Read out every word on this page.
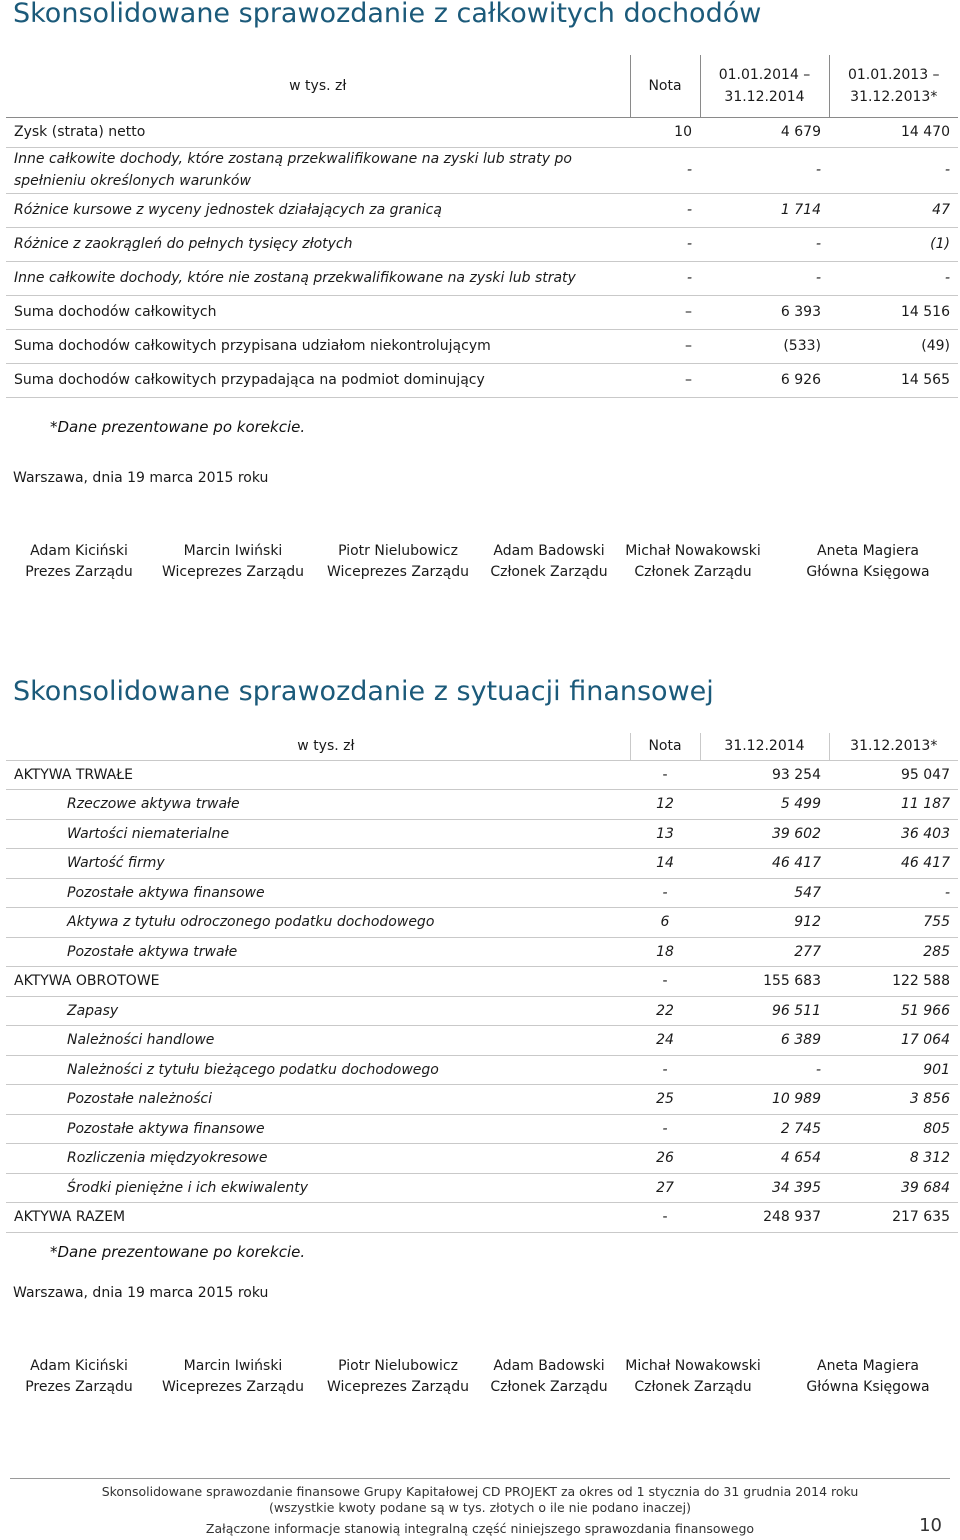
Skonsolidowane sprawozdanie z całkowitych dochodów
w tys. zł	Nota	01.01.2014 – 31.12.2014	01.01.2013 – 31.12.2013*
Zysk (strata) netto	10	4 679	14 470
Inne całkowite dochody, które zostaną przekwalifikowane na zyski lub straty po spełnieniu określonych warunków	-	-	-
Różnice kursowe z wyceny jednostek działających za granicą	-	1 714	47
Różnice z zaokrągleń do pełnych tysięcy złotych	-	-	(1)
Inne całkowite dochody, które nie zostaną przekwalifikowane na zyski lub straty	-	-	-
Suma dochodów całkowitych	–	6 393	14 516
Suma dochodów całkowitych przypisana udziałom niekontrolującym	–	(533)	(49)
Suma dochodów całkowitych przypadająca na podmiot dominujący	–	6 926	14 565
*Dane prezentowane po korekcie.
Warszawa, dnia 19 marca 2015 roku
Adam Kiciński
Prezes Zarządu
Marcin Iwiński
Wiceprezes Zarządu
Piotr Nielubowicz
Wiceprezes Zarządu
Adam Badowski
Członek Zarządu
Michał Nowakowski
Członek Zarządu
Aneta Magiera
Główna Księgowa
Skonsolidowane sprawozdanie z sytuacji finansowej
w tys. zł	Nota	31.12.2014	31.12.2013*
AKTYWA TRWAŁE	-	93 254	95 047
Rzeczowe aktywa trwałe	12	5 499	11 187
Wartości niematerialne	13	39 602	36 403
Wartość firmy	14	46 417	46 417
Pozostałe aktywa finansowe	-	547	-
Aktywa z tytułu odroczonego podatku dochodowego	6	912	755
Pozostałe aktywa trwałe	18	277	285
AKTYWA OBROTOWE	-	155 683	122 588
Zapasy	22	96 511	51 966
Należności handlowe	24	6 389	17 064
Należności z tytułu bieżącego podatku dochodowego	-	-	901
Pozostałe należności	25	10 989	3 856
Pozostałe aktywa finansowe	-	2 745	805
Rozliczenia międzyokresowe	26	4 654	8 312
Środki pieniężne i ich ekwiwalenty	27	34 395	39 684
AKTYWA RAZEM	-	248 937	217 635
*Dane prezentowane po korekcie.
Warszawa, dnia 19 marca 2015 roku
Adam Kiciński
Prezes Zarządu
Marcin Iwiński
Wiceprezes Zarządu
Piotr Nielubowicz
Wiceprezes Zarządu
Adam Badowski
Członek Zarządu
Michał Nowakowski
Członek Zarządu
Aneta Magiera
Główna Księgowa
Skonsolidowane sprawozdanie finansowe Grupy Kapitałowej CD PROJEKT za okres od 1 stycznia do 31 grudnia 2014 roku
(wszystkie kwoty podane są w tys. złotych o ile nie podano inaczej)
Załączone informacje stanowią integralną część niniejszego sprawozdania finansowego	10
